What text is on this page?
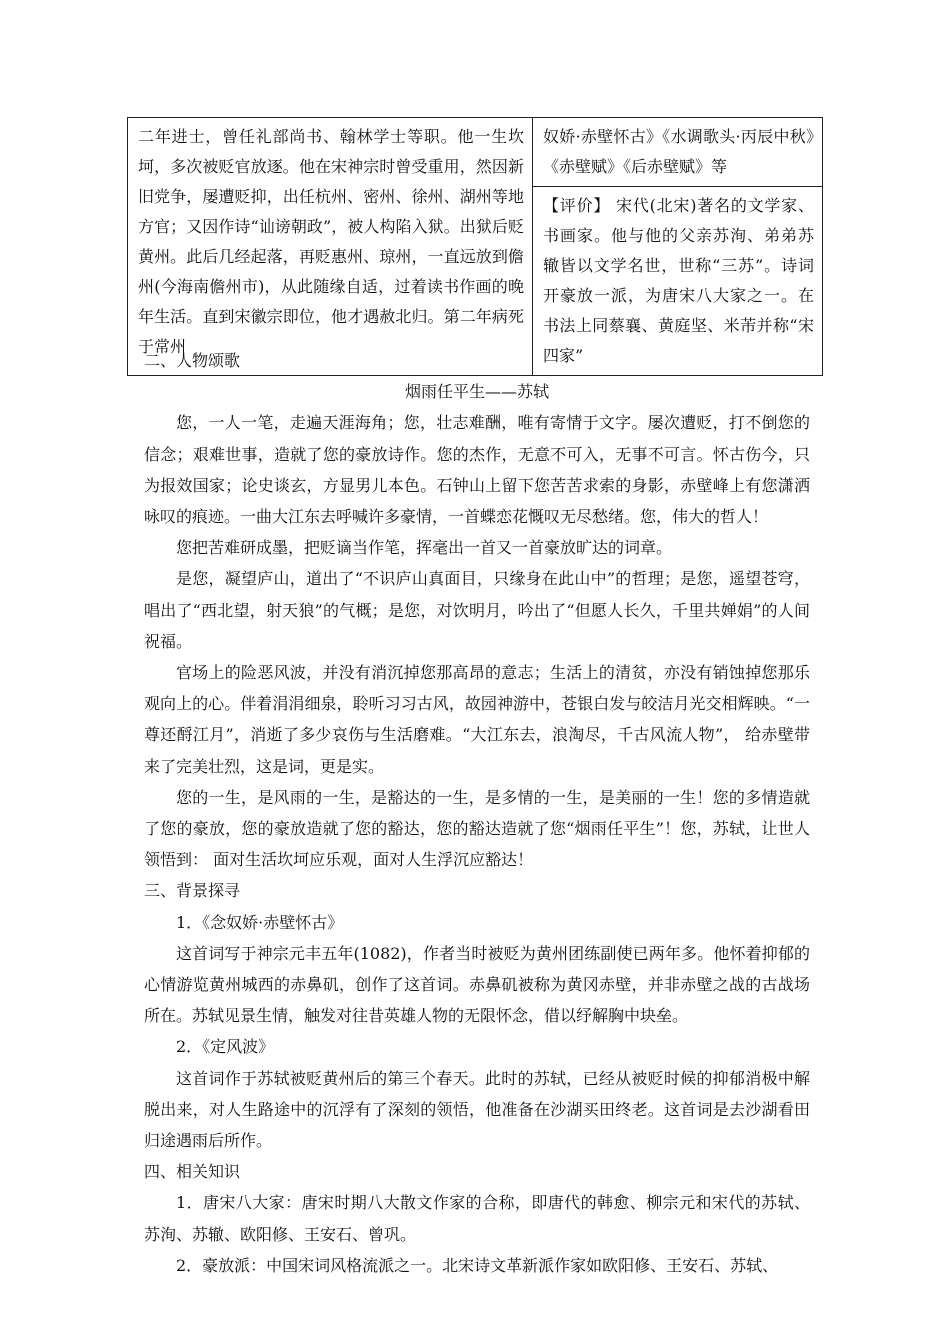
二年进士，曾任礼部尚书、翰林学士等职。他一生坎坷，多次被贬官放逐。他在宋神宗时曾受重用，然因新旧党争，屡遭贬抑，出任杭州、密州、徐州、湖州等地方官；又因作诗“讪谤朝政”，被人构陷入狱。出狱后贬黄州。此后几经起落，再贬惠州、琼州，一直远放到儋州(今海南儋州市)，从此随缘自适，过着读书作画的晚年生活。直到宋徽宗即位，他才遇赦北归。第二年病死于常州	奴娇·赤壁怀古》《水调歌头·丙辰中秋》《赤壁赋》《后赤壁赋》等
【评价】 宋代(北宋)著名的文学家、书画家。他与他的父亲苏洵、弟弟苏辙皆以文学名世，世称“三苏”。诗词开豪放一派，为唐宋八大家之一。在书法上同蔡襄、黄庭坚、米芾并称“宋四家”

二、人物颂歌

烟雨任平生——苏轼

您，一人一笔，走遍天涯海角；您，壮志难酬，唯有寄情于文字。屡次遭贬，打不倒您的信念；艰难世事，造就了您的豪放诗作。您的杰作，无意不可入，无事不可言。怀古伤今，只为报效国家；论史谈玄，方显男儿本色。石钟山上留下您苦苦求索的身影，赤壁峰上有您潇洒咏叹的痕迹。一曲大江东去呼喊许多豪情，一首蝶恋花慨叹无尽愁绪。您，伟大的哲人！

您把苦难研成墨，把贬谪当作笔，挥毫出一首又一首豪放旷达的词章。

是您，凝望庐山，道出了“不识庐山真面目，只缘身在此山中”的哲理；是您，遥望苍穹，唱出了“西北望，射天狼”的气概；是您，对饮明月，吟出了“但愿人长久，千里共婵娟”的人间祝福。

官场上的险恶风波，并没有消沉掉您那高昂的意志；生活上的清贫，亦没有销蚀掉您那乐观向上的心。伴着涓涓细泉，聆听习习古风，故园神游中，苍银白发与皎洁月光交相辉映。“一尊还酹江月”，消逝了多少哀伤与生活磨难。“大江东去，浪淘尽，千古风流人物”， 给赤壁带来了完美壮烈，这是词，更是实。

您的一生，是风雨的一生，是豁达的一生，是多情的一生，是美丽的一生！您的多情造就了您的豪放，您的豪放造就了您的豁达，您的豁达造就了您“烟雨任平生”！您，苏轼，让世人领悟到： 面对生活坎坷应乐观，面对人生浮沉应豁达！

三、背景探寻

1．《念奴娇·赤壁怀古》

这首词写于神宗元丰五年(1082)，作者当时被贬为黄州团练副使已两年多。他怀着抑郁的心情游览黄州城西的赤鼻矶，创作了这首词。赤鼻矶被称为黄冈赤壁，并非赤壁之战的古战场所在。苏轼见景生情，触发对往昔英雄人物的无限怀念，借以纾解胸中块垒。

2．《定风波》

这首词作于苏轼被贬黄州后的第三个春天。此时的苏轼，已经从被贬时候的抑郁消极中解脱出来，对人生路途中的沉浮有了深刻的领悟，他准备在沙湖买田终老。这首词是去沙湖看田归途遇雨后所作。

四、相关知识

1．唐宋八大家：唐宋时期八大散文作家的合称，即唐代的韩愈、柳宗元和宋代的苏轼、苏洵、苏辙、欧阳修、王安石、曾巩。

2．豪放派：中国宋词风格流派之一。北宋诗文革新派作家如欧阳修、王安石、苏轼、
